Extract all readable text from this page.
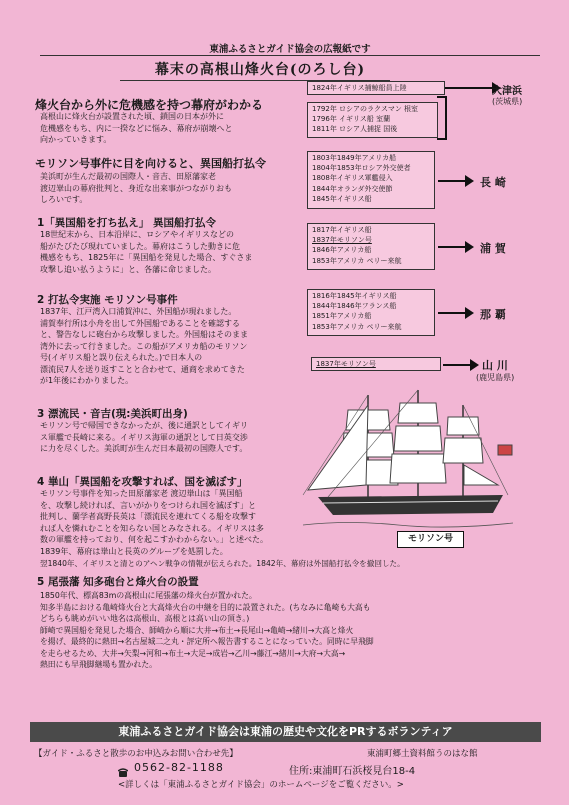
東浦ふるさとガイド協会の広報紙です
幕末の高根山烽火台(のろし台)
烽火台から外に危機感を持つ幕府がわかる
高根山に烽火台が設置された頃、鎖国の日本が外に
危機感をもち、内に一揆などに悩み、幕府が崩壊へと
向かっていきます。
モリソン号事件に目を向けると、異国船打払令
美浜町が生んだ最初の国際人・音吉、田原藩家老
渡辺崋山の幕府批判と、身近な出来事がつながりおも
しろいです。
1「異国船を打ち払え」 異国船打払令
18世紀末から、日本沿岸に、ロシアやイギリスなどの
船がたびたび現れていました。幕府はこうした動きに危
機感をもち、1825年に「異国船を発見した場合、すぐさま
攻撃し追い払うように」と、各藩に命じました。
2 打払令実施 モリソン号事件
1837年、江戸湾入口浦賀沖に、外国船が現れました。
浦賀奉行所は小舟を出して外国船であることを確認する
と、警告なしに砲台から攻撃しました。外国船はそのまま
湾外に去って行きました。この船がアメリカ船のモリソン
号(イギリス船と誤り伝えられた。)で日本人の
漂流民7人を送り返すことと合わせて、通商を求めてきた
が1年後にわかりました。
3 漂流民・音吉(現:美浜町出身)
モリソン号で帰国できなかったが、後に通訳としてイギリ
ス軍艦で長崎に来る。イギリス海軍の通訳として日英交渉
に力を尽くした。美浜町が生んだ日本最初の国際人です。
4 崋山「異国船を攻撃すれば、国を滅ぼす」
モリソン号事件を知った田原藩家老 渡辺崋山は「異国船
を、攻撃し続ければ、言いがかりをつけられ国を滅ぼす」と
批判し、蘭学者高野長英は「漂流民を連れてくる船を攻撃す
れば人を憐れむことを知らない国とみなされる。イギリスは多
数の軍艦を持っており、何を起こすかわからない。」と述べた。
1839年、幕府は崋山と長英のグループを処罰した。
翌1840年、イギリスと清とのアヘン戦争の情報が伝えられた。1842年、幕府は外国船打払令を撤回した。
5 尾張藩 知多砲台と烽火台の設置
1850年代、標高83mの高根山に尾張藩の烽火台が置かれた。
知多半島における亀崎烽火台と大高烽火台の中継を目的に設置された。(ちなみに亀崎も大高も
どちらも眺めがいい地名は高根山、高根とは高い山の頂き。)
師崎で異国船を発見した場合、師崎から順に大井→布土→長尾山→亀崎→緒川→大高と烽火
を揚げ、最終的に熱田→名古屋城二之丸・評定所へ報告書することになっていた。同時に早飛脚
を走らせるため、大井→矢梨→河和→布土→大足→成岩→乙川→藤江→緒川→大府→大高→
熱田にも早飛脚継場も置かれた。
1824年イギリス捕鯨船員上陸
1792年 ロシアのラクスマン 根室
1796年 イギリス船 室蘭
1811年 ロシア人捕捉 国後
1803年1849年アメリカ船
1804年1853年ロシア外交使者
1808年イギリス軍艦侵入
1844年オランダ外交使節
1845年イギリス船
1817年イギリス船
1837年モリソン号
1846年アメリカ船
1853年アメリカ ペリー来航
1816年1845年イギリス船
1844年1846年フランス船
1851年アメリカ船
1853年アメリカ ペリー来航
1837年モリソン号
大津浜
(茨城県)
長 崎
浦 賀
那 覇
山 川
(鹿児島県)
モリソン号
東浦ふるさとガイド協会は東浦の歴史や文化をPRするボランティア
【ガイド・ふるさと散歩のお申込みお問い合わせ先】	東浦町郷土資料館うのはな館
0562-82-1188	住所:東浦町石浜桜見台18-4
<詳しくは「東浦ふるさとガイド協会」のホームページをご覧ください。>
